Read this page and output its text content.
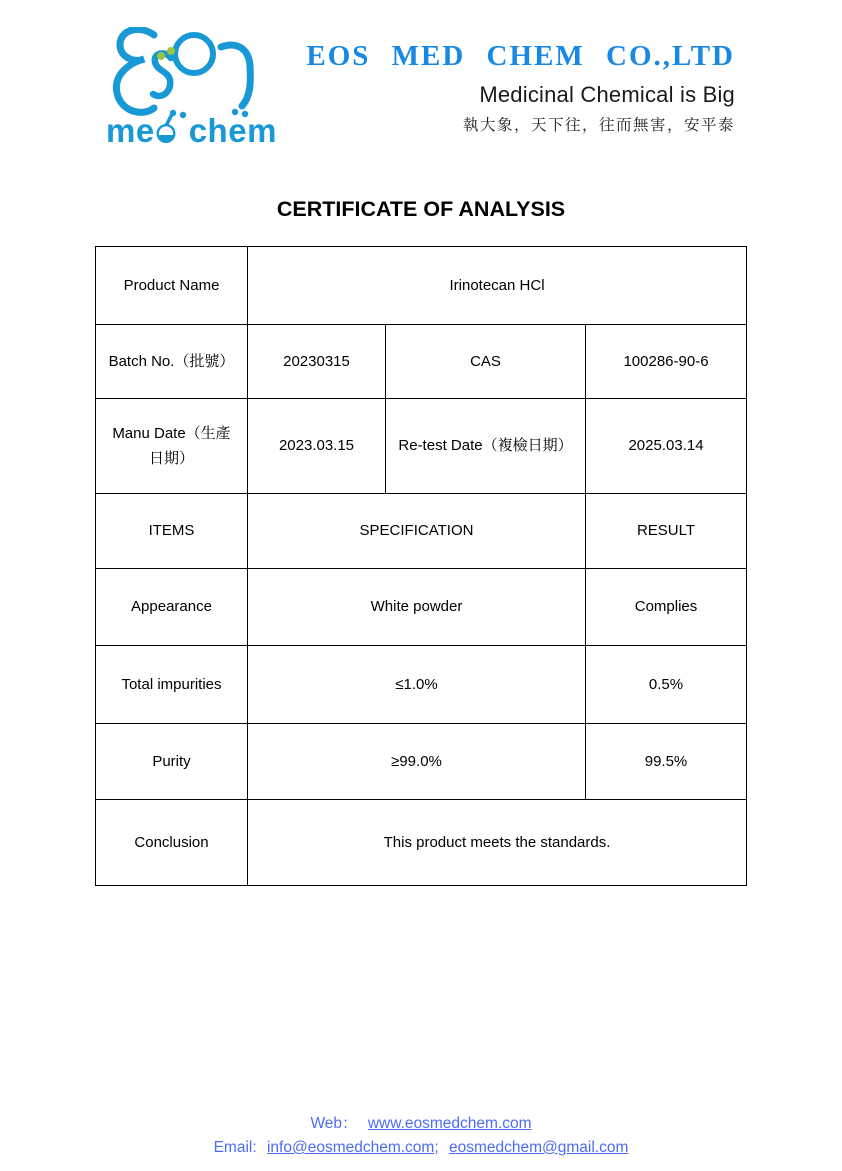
me chem
EOS MED CHEM CO.,LTD
Medicinal Chemical is Big
執大象，天下往，往而無害，安平泰
CERTIFICATE OF ANALYSIS
Product Name	Irinotecan HCl		
Batch No.（批號）	20230315	CAS	100286-90-6
Manu Date（生產日期）	2023.03.15	Re-test Date（複檢日期）	2025.03.14
ITEMS	SPECIFICATION		RESULT
Appearance	White powder		Complies
Total impurities	≤1.0%		0.5%
Purity	≥99.0%		99.5%
Conclusion	This product meets the standards.		
Web： www.eosmedchem.com
Email: info@eosmedchem.com; eosmedchem@gmail.com
